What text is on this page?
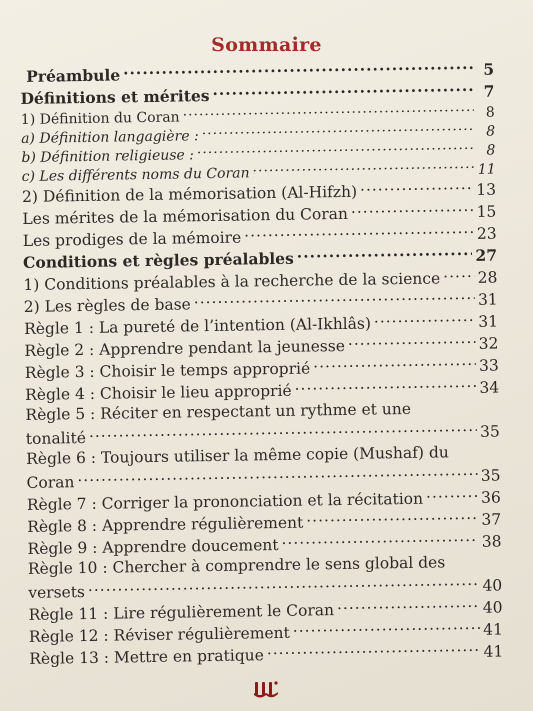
Sommaire
Préambule .....	5
Définitions et mérites .....	7
1) Définition du Coran .....	8
a) Définition langagière : .....	8
b) Définition religieuse : .....	8
c) Les différents noms du Coran .....	11
2) Définition de la mémorisation (Al-Hifzh) .....	13
Les mérites de la mémorisation du Coran .....	15
Les prodiges de la mémoire .....	23
Conditions et règles préalables .....	27
1) Conditions préalables à la recherche de la science ..... 28
2) Les règles de base .....	31
Règle 1 : La pureté de l’intention (Al-Ikhlâs) .....	31
Règle 2 : Apprendre pendant la jeunesse .....	32
Règle 3 : Choisir le temps approprié .....	33
Règle 4 : Choisir le lieu approprié .....	34
Règle 5 : Réciter en respectant un rythme et une
tonalité .....	35
Règle 6 : Toujours utiliser la même copie (Mushaf) du
Coran .....	35
Règle 7 : Corriger la prononciation et la récitation .....	36
Règle 8 : Apprendre régulièrement .....	37
Règle 9 : Apprendre doucement .....	38
Règle 10 : Chercher à comprendre le sens global des
versets .....	40
Règle 11 : Lire régulièrement le Coran .....	40
Règle 12 : Réviser régulièrement .....	41
Règle 13 : Mettre en pratique .....	41
